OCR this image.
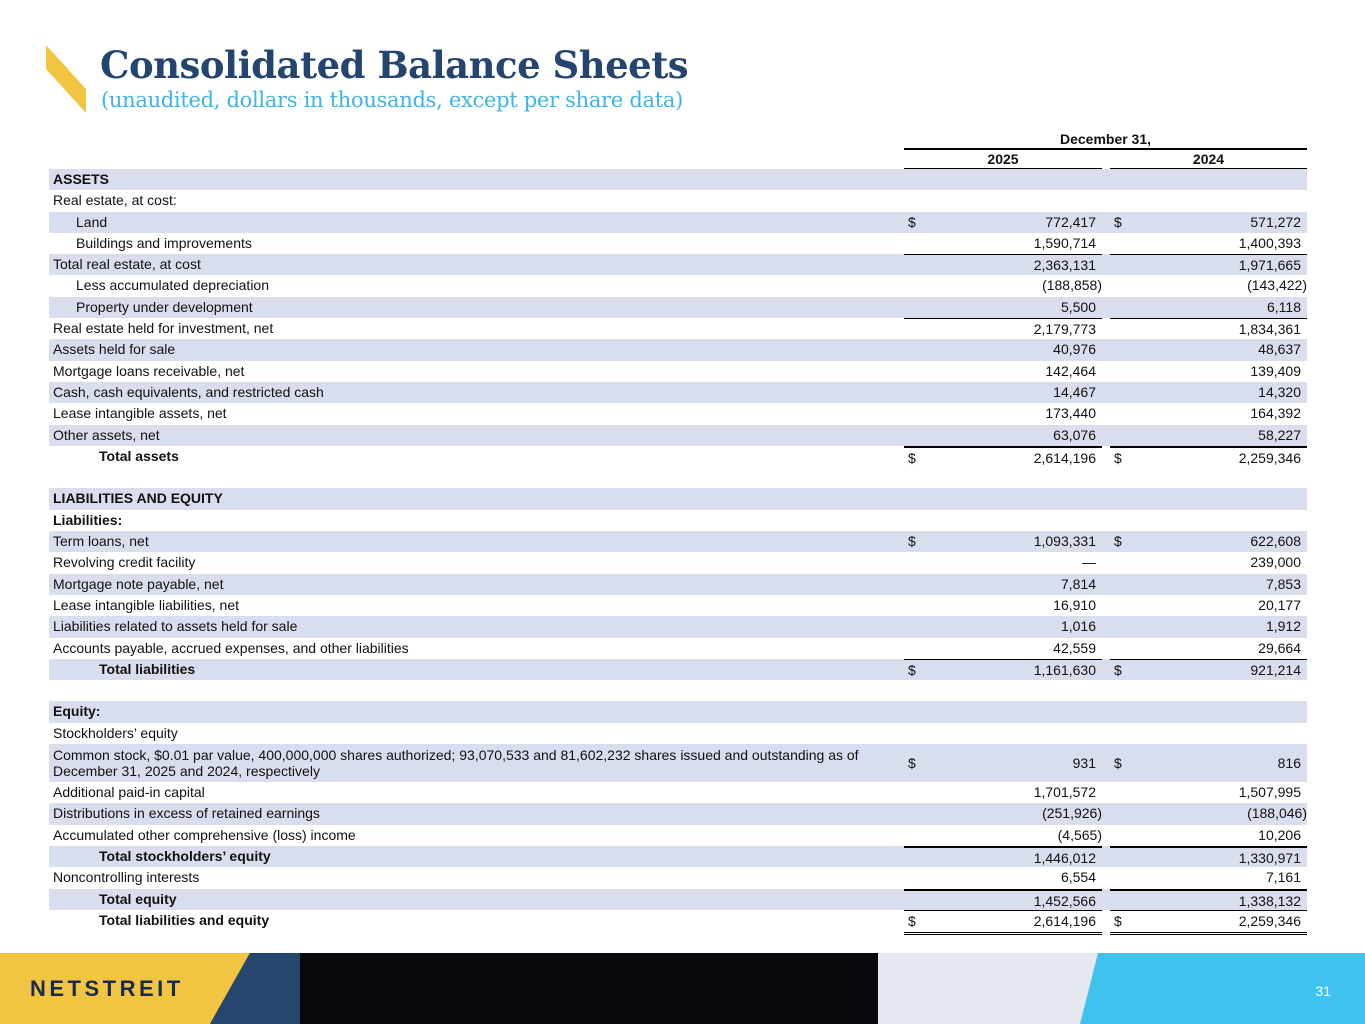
Consolidated Balance Sheets
(unaudited, dollars in thousands, except per share data)
December 31,
2025	2024
ASSETS
Real estate, at cost:
Land	$	772,417 $	571,272
Buildings and improvements	1,590,714	1,400,393
Total real estate, at cost	2,363,131	1,971,665
Less accumulated depreciation	(188,858)	(143,422)
Property under development	5,500	6,118
Real estate held for investment, net	2,179,773	1,834,361
Assets held for sale	40,976	48,637
Mortgage loans receivable, net	142,464	139,409
Cash, cash equivalents, and restricted cash	14,467	14,320
Lease intangible assets, net	173,440	164,392
Other assets, net	63,076	58,227
Total assets	$	2,614,196 $	2,259,346
LIABILITIES AND EQUITY
Liabilities:
Term loans, net	$	1,093,331 $	622,608
Revolving credit facility	—	239,000
Mortgage note payable, net	7,814	7,853
Lease intangible liabilities, net	16,910	20,177
Liabilities related to assets held for sale	1,016	1,912
Accounts payable, accrued expenses, and other liabilities	42,559	29,664
Total liabilities	$	1,161,630 $	921,214
Equity:
Stockholders’ equity
Common stock, $0.01 par value, 400,000,000 shares authorized; 93,070,533 and 81,602,232 shares issued and outstanding as of December 31, 2025 and 2024, respectively	$	931 $	816
Additional paid-in capital	1,701,572	1,507,995
Distributions in excess of retained earnings	(251,926)	(188,046)
Accumulated other comprehensive (loss) income	(4,565)	10,206
Total stockholders’ equity	1,446,012	1,330,971
Noncontrolling interests	6,554	7,161
Total equity	1,452,566	1,338,132
Total liabilities and equity	$	2,614,196 $	2,259,346
NETSTREIT	31
